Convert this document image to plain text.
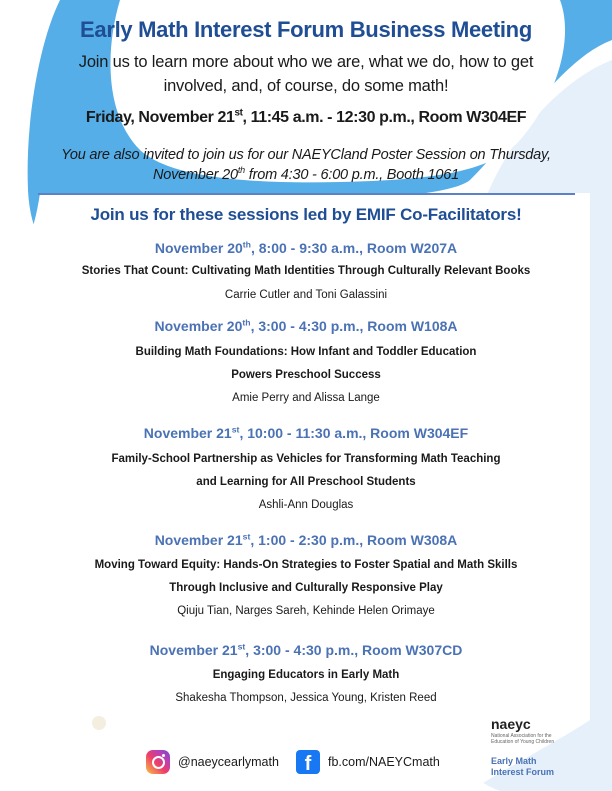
Early Math Interest Forum Business Meeting
Join us to learn more about who we are, what we do, how to get
involved, and, of course, do some math!
Friday, November 21st, 11:45 a.m. - 12:30 p.m., Room W304EF
You are also invited to join us for our NAEYCland Poster Session on Thursday,
November 20th from 4:30 - 6:00 p.m., Booth 1061
Join us for these sessions led by EMIF Co-Facilitators!
November 20th, 8:00 - 9:30 a.m., Room W207A
Stories That Count: Cultivating Math Identities Through Culturally Relevant Books
Carrie Cutler and Toni Galassini
November 20th, 3:00 - 4:30 p.m., Room W108A
Building Math Foundations: How Infant and Toddler Education
Powers Preschool Success
Amie Perry and Alissa Lange
November 21st, 10:00 - 11:30 a.m., Room W304EF
Family-School Partnership as Vehicles for Transforming Math Teaching
and Learning for All Preschool Students
Ashli-Ann Douglas
November 21st, 1:00 - 2:30 p.m., Room W308A
Moving Toward Equity: Hands-On Strategies to Foster Spatial and Math Skills
Through Inclusive and Culturally Responsive Play
Qiuju Tian, Narges Sareh, Kehinde Helen Orimaye
November 21st, 3:00 - 4:30 p.m., Room W307CD
Engaging Educators in Early Math
Shakesha Thompson, Jessica Young, Kristen Reed
@naeycearlymath	f	fb.com/NAEYCmath
naeyc
National Association for the
Education of Young Children
Early Math
Interest Forum
